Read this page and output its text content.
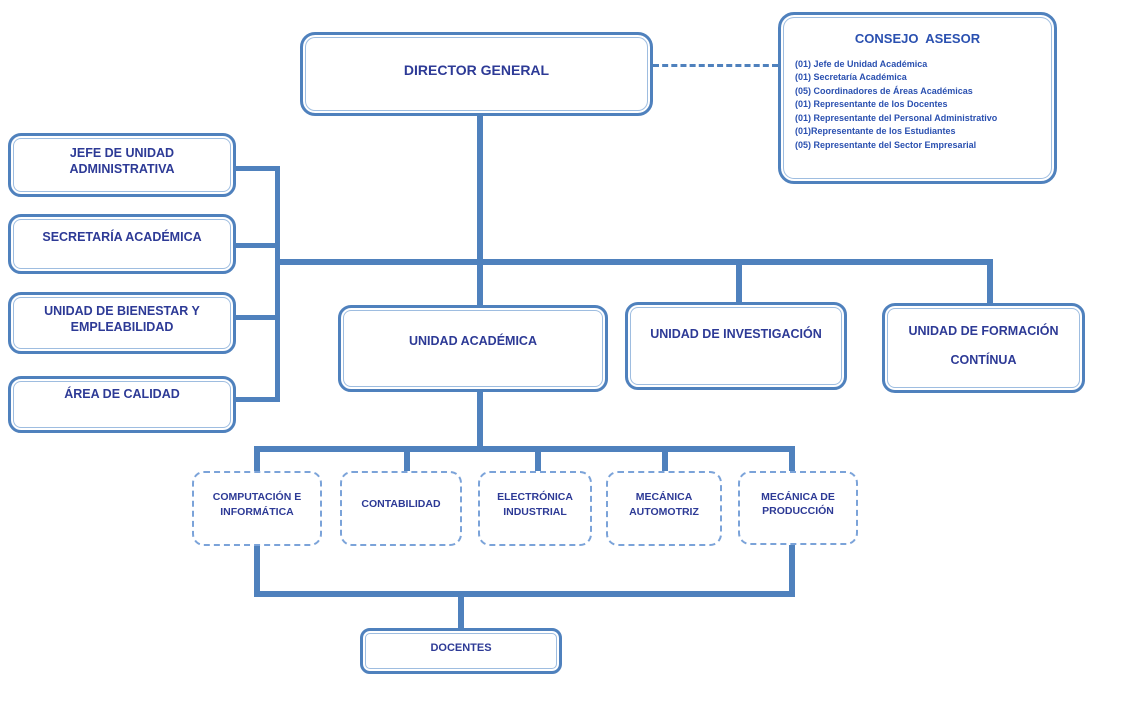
DIRECTOR GENERAL
CONSEJO  ASESOR
(01) Jefe de Unidad Académica
(01) Secretaría Académica
(05) Coordinadores de Áreas Académicas
(01) Representante de los Docentes
(01) Representante del Personal Administrativo
(01)Representante de los Estudiantes
(05) Representante del Sector Empresarial
JEFE DE UNIDAD ADMINISTRATIVA
SECRETARÍA ACADÉMICA
UNIDAD DE BIENESTAR Y EMPLEABILIDAD
ÁREA DE CALIDAD
UNIDAD ACADÉMICA
UNIDAD DE INVESTIGACIÓN	UNIDAD DE FORMACIÓN CONTÍNUA
COMPUTACIÓN E INFORMÁTICA
CONTABILIDAD
ELECTRÓNICA INDUSTRIAL
MECÁNICA AUTOMOTRIZ
MECÁNICA DE PRODUCCIÓN
DOCENTES
